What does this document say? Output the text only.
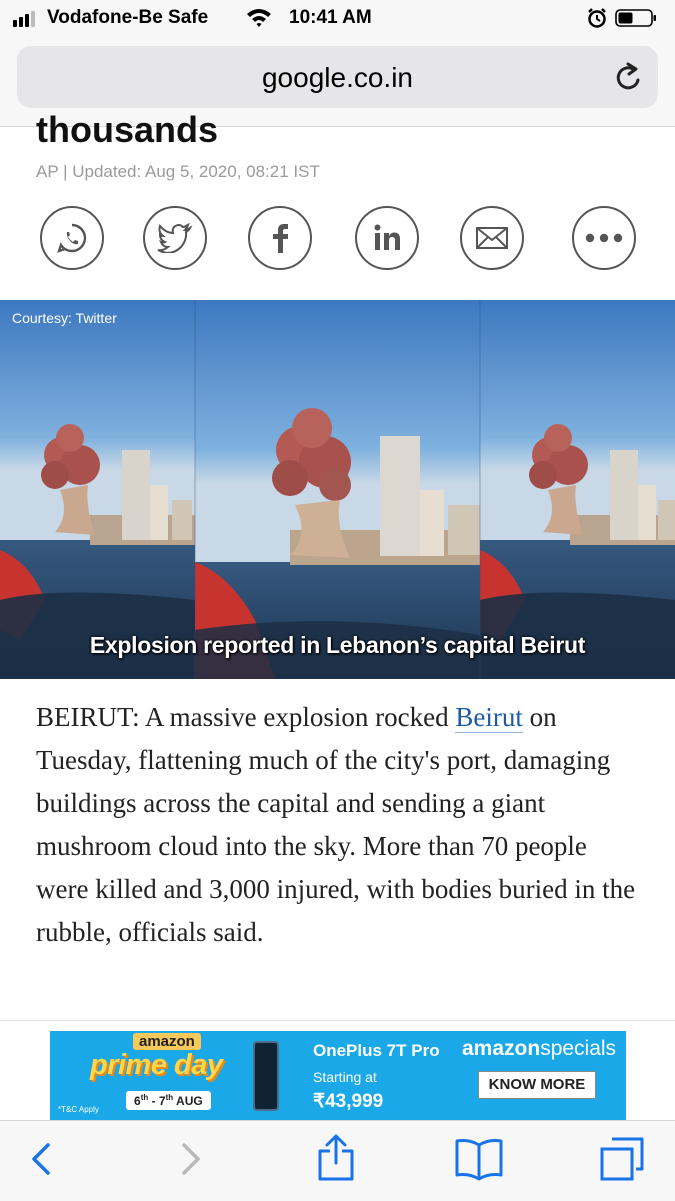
Vodafone-Be Safe	10:41 AM
google.co.in
thousands
AP | Updated: Aug 5, 2020, 08:21 IST
Courtesy: Twitter
Explosion reported in Lebanon’s capital Beirut
BEIRUT: A massive explosion rocked Beirut on Tuesday, flattening much of the city's port, damaging buildings across the capital and sending a giant mushroom cloud into the sky. More than 70 people were killed and 3,000 injured, with bodies buried in the rubble, officials said.
amazon
prime day
6th - 7th AUG
*T&C Apply
OnePlus 7T Pro
Starting at
₹43,999
amazonspecials
KNOW MORE
